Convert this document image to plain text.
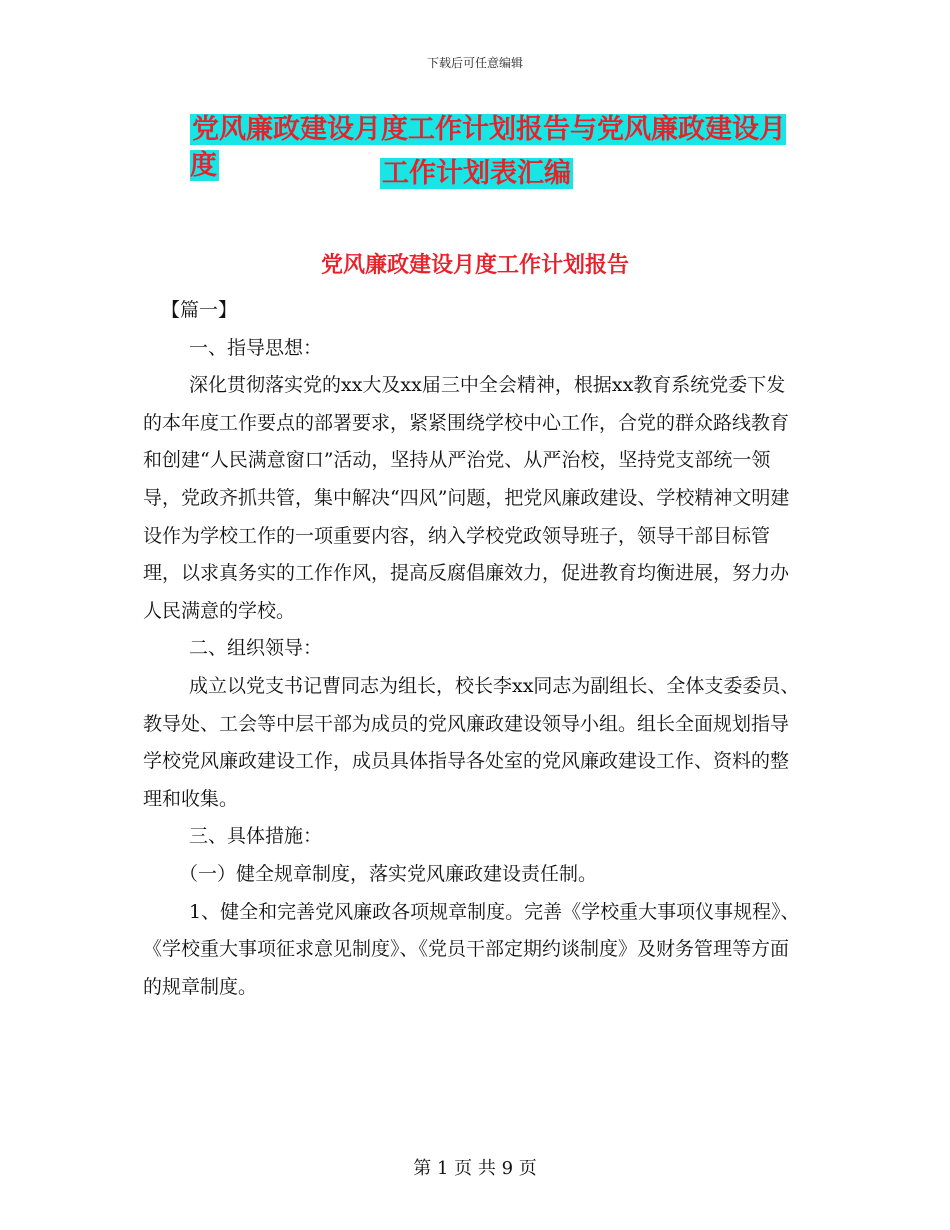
下载后可任意编辑
党风廉政建设月度工作计划报告与党风廉政建设月度	工作计划表汇编
党风廉政建设月度工作计划报告

【篇一】

一、指导思想：

深化贯彻落实党的xx大及xx届三中全会精神，根据xx教育系统党委下发的本年度工作要点的部署要求，紧紧围绕学校中心工作，合党的群众路线教育和创建“人民满意窗口”活动，坚持从严治党、从严治校，坚持党支部统一领导，党政齐抓共管，集中解决“四风”问题，把党风廉政建设、学校精神文明建设作为学校工作的一项重要内容，纳入学校党政领导班子，领导干部目标管理，以求真务实的工作作风，提高反腐倡廉效力，促进教育均衡进展，努力办人民满意的学校。

二、组织领导：

成立以党支书记曹同志为组长，校长李xx同志为副组长、全体支委委员、教导处、工会等中层干部为成员的党风廉政建设领导小组。组长全面规划指导学校党风廉政建设工作，成员具体指导各处室的党风廉政建设工作、资料的整理和收集。

三、具体措施：

（一）健全规章制度，落实党风廉政建设责任制。

1、健全和完善党风廉政各项规章制度。完善《学校重大事项仪事规程》、《学校重大事项征求意见制度》、《党员干部定期约谈制度》及财务管理等方面的规章制度。

第 1 页 共 9 页
